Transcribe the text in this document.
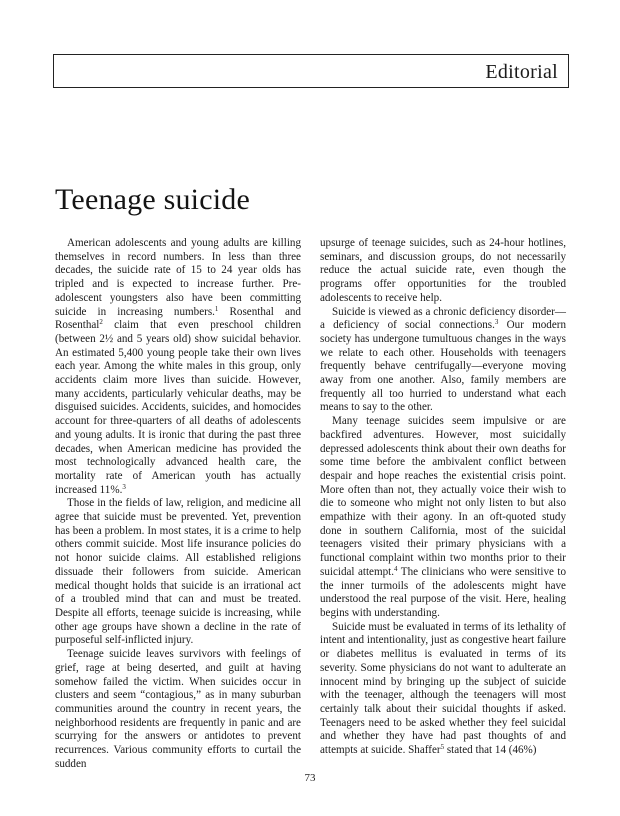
Editorial
Teenage suicide

American adolescents and young adults are killing themselves in record numbers. In less than three decades, the suicide rate of 15 to 24 year olds has tripled and is expected to increase further. Pre-adolescent youngsters also have been committing suicide in increasing numbers.$^1$ Rosenthal and Rosenthal$^2$ claim that even preschool children (between 2½ and 5 years old) show suicidal behavior. An estimated 5,400 young people take their own lives each year. Among the white males in this group, only accidents claim more lives than suicide. However, many accidents, particularly vehicular deaths, may be disguised suicides. Accidents, suicides, and homocides account for three-quarters of all deaths of adolescents and young adults. It is ironic that during the past three decades, when American medicine has provided the most technologically advanced health care, the mortality rate of American youth has actually increased 11%.$^3$

Those in the fields of law, religion, and medicine all agree that suicide must be prevented. Yet, prevention has been a problem. In most states, it is a crime to help others commit suicide. Most life insurance policies do not honor suicide claims. All established religions dissuade their followers from suicide. American medical thought holds that suicide is an irrational act of a troubled mind that can and must be treated. Despite all efforts, teenage suicide is increasing, while other age groups have shown a decline in the rate of purposeful self-inflicted injury.

Teenage suicide leaves survivors with feelings of grief, rage at being deserted, and guilt at having somehow failed the victim. When suicides occur in clusters and seem “contagious,” as in many suburban communities around the country in recent years, the neighborhood residents are frequently in panic and are scurrying for the answers or antidotes to prevent recurrences. Various community efforts to curtail the sudden

upsurge of teenage suicides, such as 24-hour hotlines, seminars, and discussion groups, do not necessarily reduce the actual suicide rate, even though the programs offer opportunities for the troubled adolescents to receive help.

Suicide is viewed as a chronic deficiency disorder—a deficiency of social connections.$^3$ Our modern society has undergone tumultuous changes in the ways we relate to each other. Households with teenagers frequently behave centrifugally—everyone moving away from one another. Also, family members are frequently all too hurried to understand what each means to say to the other.

Many teenage suicides seem impulsive or are backfired adventures. However, most suicidally depressed adolescents think about their own deaths for some time before the ambivalent conflict between despair and hope reaches the existential crisis point. More often than not, they actually voice their wish to die to someone who might not only listen to but also empathize with their agony. In an oft-quoted study done in southern California, most of the suicidal teenagers visited their primary physicians with a functional complaint within two months prior to their suicidal attempt.$^4$ The clinicians who were sensitive to the inner turmoils of the adolescents might have understood the real purpose of the visit. Here, healing begins with understanding.

Suicide must be evaluated in terms of its lethality of intent and intentionality, just as congestive heart failure or diabetes mellitus is evaluated in terms of its severity. Some physicians do not want to adulterate an innocent mind by bringing up the subject of suicide with the teenager, although the teenagers will most certainly talk about their suicidal thoughts if asked. Teenagers need to be asked whether they feel suicidal and whether they have had past thoughts of and attempts at suicide. Shaffer$^5$ stated that 14 (46%)

73
